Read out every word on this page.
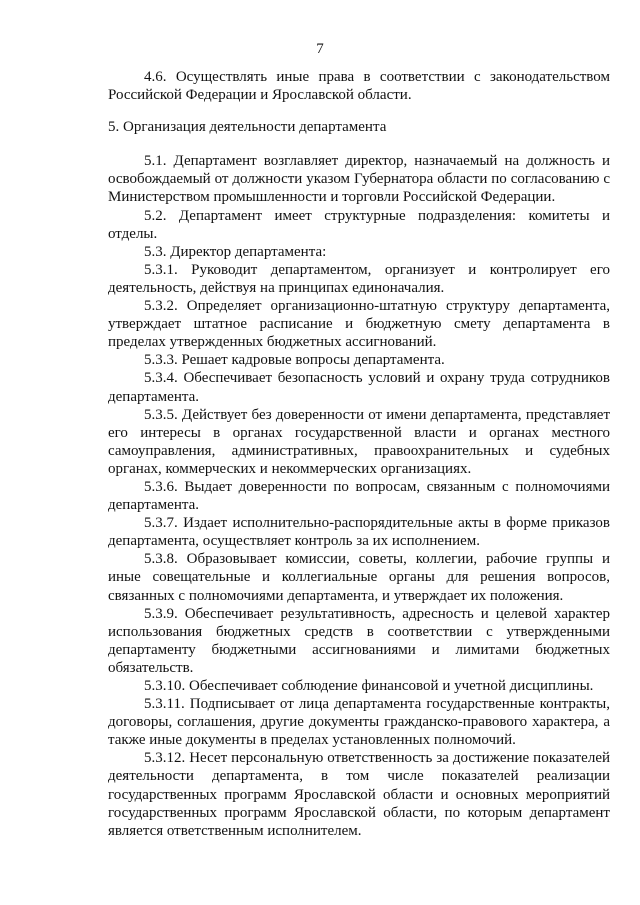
7

4.6. Осуществлять иные права в соответствии с законодательством Российской Федерации и Ярославской области.

5. Организация деятельности департамента

5.1. Департамент возглавляет директор, назначаемый на должность и освобождаемый от должности указом Губернатора области по согласованию с Министерством промышленности и торговли Российской Федерации.

5.2. Департамент имеет структурные подразделения: комитеты и отделы.

5.3. Директор департамента:

5.3.1. Руководит департаментом, организует и контролирует его деятельность, действуя на принципах единоначалия.

5.3.2. Определяет организационно-штатную структуру департамента, утверждает штатное расписание и бюджетную смету департамента в пределах утвержденных бюджетных ассигнований.

5.3.3. Решает кадровые вопросы департамента.

5.3.4. Обеспечивает безопасность условий и охрану труда сотрудников департамента.

5.3.5. Действует без доверенности от имени департамента, представляет его интересы в органах государственной власти и органах местного самоуправления, административных, правоохранительных и судебных органах, коммерческих и некоммерческих организациях.

5.3.6. Выдает доверенности по вопросам, связанным с полномочиями департамента.

5.3.7. Издает исполнительно-распорядительные акты в форме приказов департамента, осуществляет контроль за их исполнением.

5.3.8. Образовывает комиссии, советы, коллегии, рабочие группы и иные совещательные и коллегиальные органы для решения вопросов, связанных с полномочиями департамента, и утверждает их положения.

5.3.9. Обеспечивает результативность, адресность и целевой характер использования бюджетных средств в соответствии с утвержденными департаменту бюджетными ассигнованиями и лимитами бюджетных обязательств.

5.3.10. Обеспечивает соблюдение финансовой и учетной дисциплины.

5.3.11. Подписывает от лица департамента государственные контракты, договоры, соглашения, другие документы гражданско-правового характера, а также иные документы в пределах установленных полномочий.

5.3.12. Несет персональную ответственность за достижение показателей деятельности департамента, в том числе показателей реализации государственных программ Ярославской области и основных мероприятий государственных программ Ярославской области, по которым департамент является ответственным исполнителем.
